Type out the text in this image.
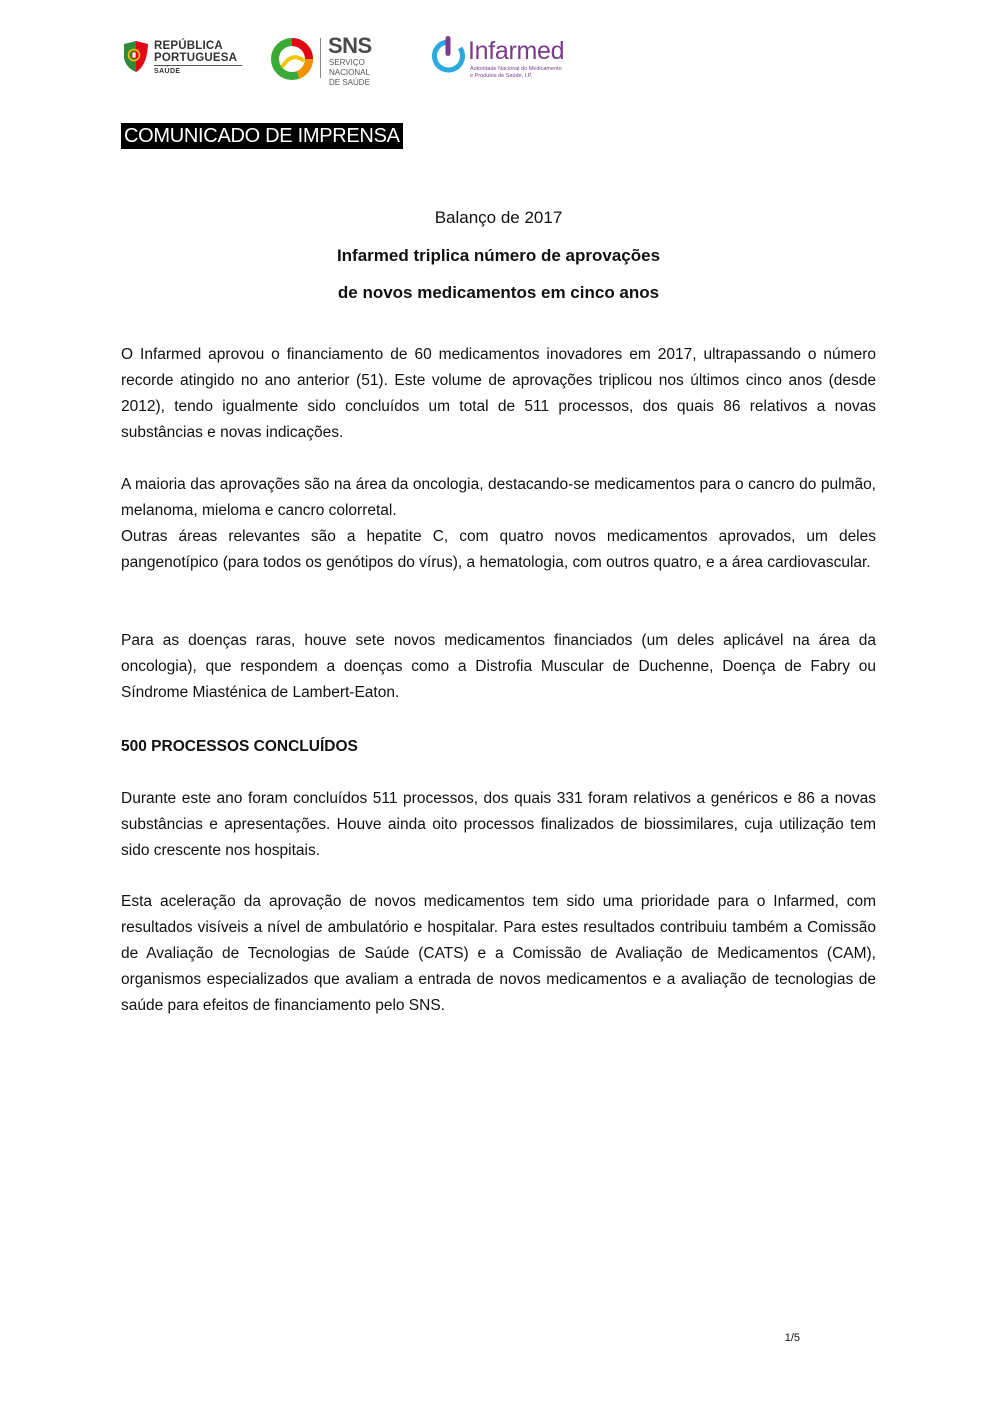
REPÚBLICA
PORTUGUESA
SAÚDE
SNS
SERVIÇO NACIONAL
DE SAÚDE
Infarmed
Autoridade Nacional do Medicamento
e Produtos de Saúde, I.P.
COMUNICADO DE IMPRENSA
Balanço de 2017
Infarmed triplica número de aprovações
de novos medicamentos em cinco anos

O Infarmed aprovou o financiamento de 60 medicamentos inovadores em 2017, ultrapassando o número recorde atingido no ano anterior (51). Este volume de aprovações triplicou nos últimos cinco anos (desde 2012), tendo igualmente sido concluídos um total de 511 processos, dos quais 86 relativos a novas substâncias e novas indicações.

A maioria das aprovações são na área da oncologia, destacando-se medicamentos para o cancro do pulmão, melanoma, mieloma e cancro colorretal.

Outras áreas relevantes são a hepatite C, com quatro novos medicamentos aprovados, um deles pangenotípico (para todos os genótipos do vírus), a hematologia, com outros quatro, e a área cardiovascular.

Para as doenças raras, houve sete novos medicamentos financiados (um deles aplicável na área da oncologia), que respondem a doenças como a Distrofia Muscular de Duchenne, Doença de Fabry ou Síndrome Miasténica de Lambert-Eaton.

500 PROCESSOS CONCLUÍDOS

Durante este ano foram concluídos 511 processos, dos quais 331 foram relativos a genéricos e 86 a novas substâncias e apresentações. Houve ainda oito processos finalizados de biossimilares, cuja utilização tem sido crescente nos hospitais.

Esta aceleração da aprovação de novos medicamentos tem sido uma prioridade para o Infarmed, com resultados visíveis a nível de ambulatório e hospitalar. Para estes resultados contribuiu também a Comissão de Avaliação de Tecnologias de Saúde (CATS) e a Comissão de Avaliação de Medicamentos (CAM), organismos especializados que avaliam a entrada de novos medicamentos e a avaliação de tecnologias de saúde para efeitos de financiamento pelo SNS.

1/5
